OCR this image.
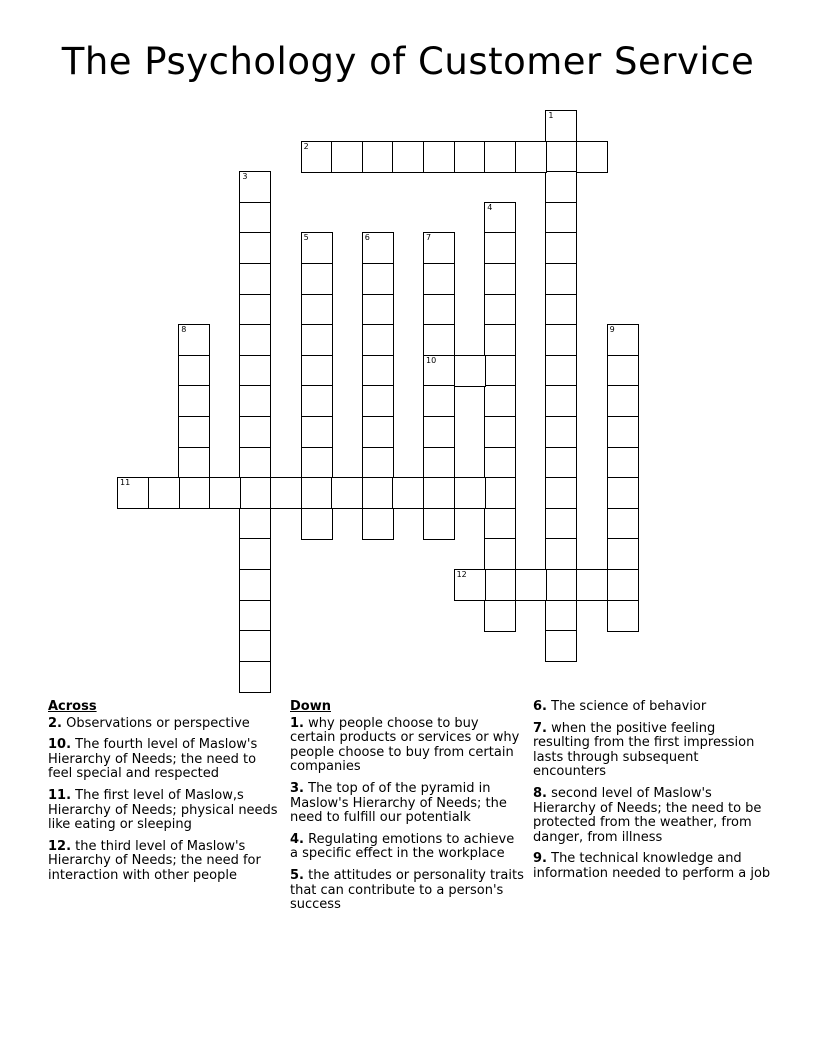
The Psychology of Customer Service
1
2
3
4
5	6	7
10
8	9
11
12
Across
2. Observations or perspective
10. The fourth level of Maslow's Hierarchy of Needs; the need to feel special and respected
11. The first level of Maslow,s Hierarchy of Needs; physical needs like eating or sleeping
12. the third level of Maslow's Hierarchy of Needs; the need for interaction with other people
Down
1. why people choose to buy certain products or services or why people choose to buy from certain companies
3. The top of of the pyramid in Maslow's Hierarchy of Needs; the need to fulfill our potentialk
4. Regulating emotions to achieve a specific effect in the workplace
5. the attitudes or personality traits that can contribute to a person's success
6. The science of behavior
7. when the positive feeling resulting from the first impression lasts through subsequent encounters
8. second level of Maslow's Hierarchy of Needs; the need to be protected from the weather, from danger, from illness
9. The technical knowledge and information needed to perform a job
